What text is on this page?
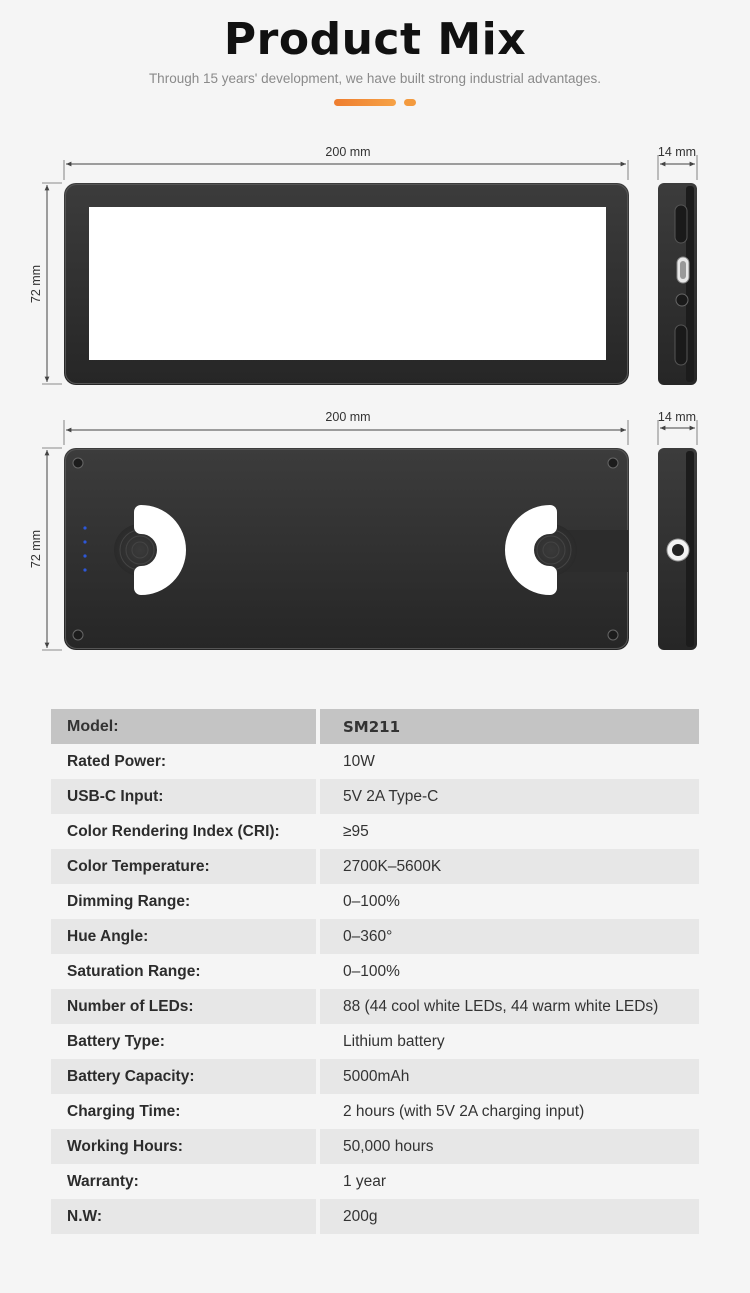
Product Mix
Through 15 years' development, we have built strong industrial advantages.
200 mm
72 mm
14 mm
200 mm
72 mm
14 mm
Model:	SM211
Rated Power:	10W
USB-C Input:	5V 2A Type-C
Color Rendering Index (CRI):	≥95
Color Temperature:	2700K–5600K
Dimming Range:	0–100%
Hue Angle:	0–360°
Saturation Range:	0–100%
Number of LEDs:	88 (44 cool white LEDs, 44 warm white LEDs)
Battery Type:	Lithium battery
Battery Capacity:	5000mAh
Charging Time:	2 hours (with 5V 2A charging input)
Working Hours:	50,000 hours
Warranty:	1 year
N.W:	200g
